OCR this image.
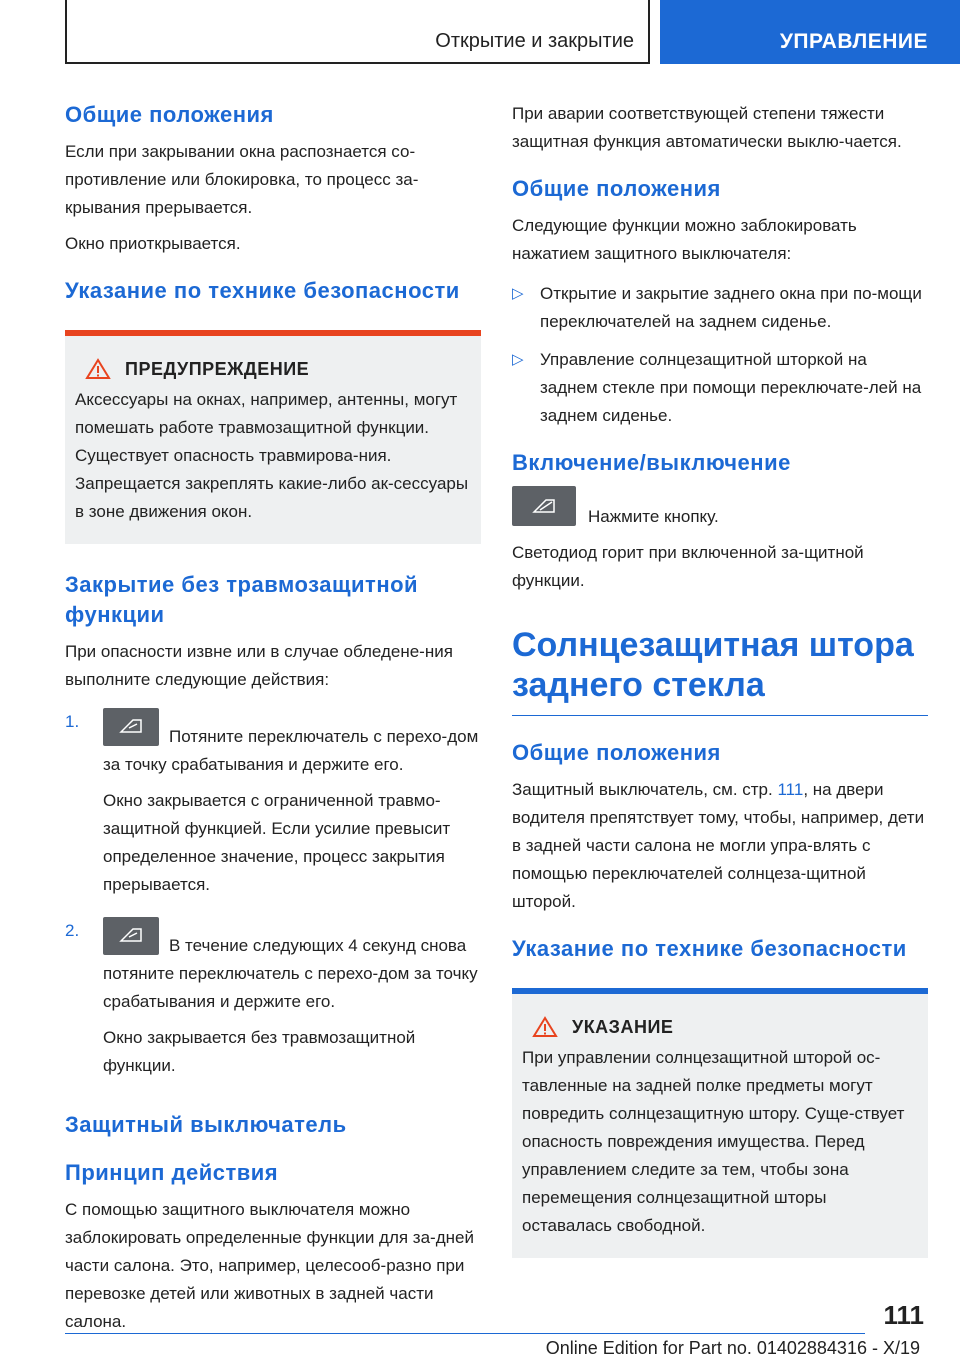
Открытие и закрытие	УПРАВЛЕНИЕ
Общие положения

Если при закрывании окна распознается со-противление или блокировка, то процесс за-крывания прерывается.

Окно приоткрывается.

Указание по технике безопасности
ПРЕДУПРЕЖДЕНИЕ

Аксессуары на окнах, например, антенны, могут помешать работе травмозащитной функции. Существует опасность травмирова-ния. Запрещается закреплять какие-либо ак-сессуары в зоне движения окон.

Закрытие без травмозащитной функции

При опасности извне или в случае обледене-ния выполните следующие действия:

1.

Потяните переключатель с перехо-дом за точку срабатывания и держите его.

Окно закрывается с ограниченной травмо-защитной функцией. Если усилие превысит определенное значение, процесс закрытия прерывается.

2.

В течение следующих 4 секунд снова потяните переключатель с перехо-дом за точку срабатывания и держите его.

Окно закрывается без травмозащитной функции.

Защитный выключатель
Принцип действия

С помощью защитного выключателя можно заблокировать определенные функции для за-дней части салона. Это, например, целесооб-разно при перевозке детей или животных в задней части салона.

При аварии соответствующей степени тяжести защитная функция автоматически выклю-чается.

Общие положения

Следующие функции можно заблокировать нажатием защитного выключателя:

▷ Открытие и закрытие заднего окна при по-мощи переключателей на заднем сиденье.

▷ Управление солнцезащитной шторкой на заднем стекле при помощи переключате-лей на заднем сиденье.

Включение/выключение

Нажмите кнопку.

Светодиод горит при включенной за-щитной функции.

Солнцезащитная штора заднего стекла
Общие положения

Защитный выключатель, см. стр. 111, на двери водителя препятствует тому, чтобы, например, дети в задней части салона не могли упра-влять с помощью переключателей солнцеза-щитной шторой.

Указание по технике безопасности
УКАЗАНИЕ

При управлении солнцезащитной шторой ос-тавленные на задней полке предметы могут повредить солнцезащитную штору. Суще-ствует опасность повреждения имущества. Перед управлением следите за тем, чтобы зона перемещения солнцезащитной шторы оставалась свободной.

111
Online Edition for Part no. 01402884316 - X/19
